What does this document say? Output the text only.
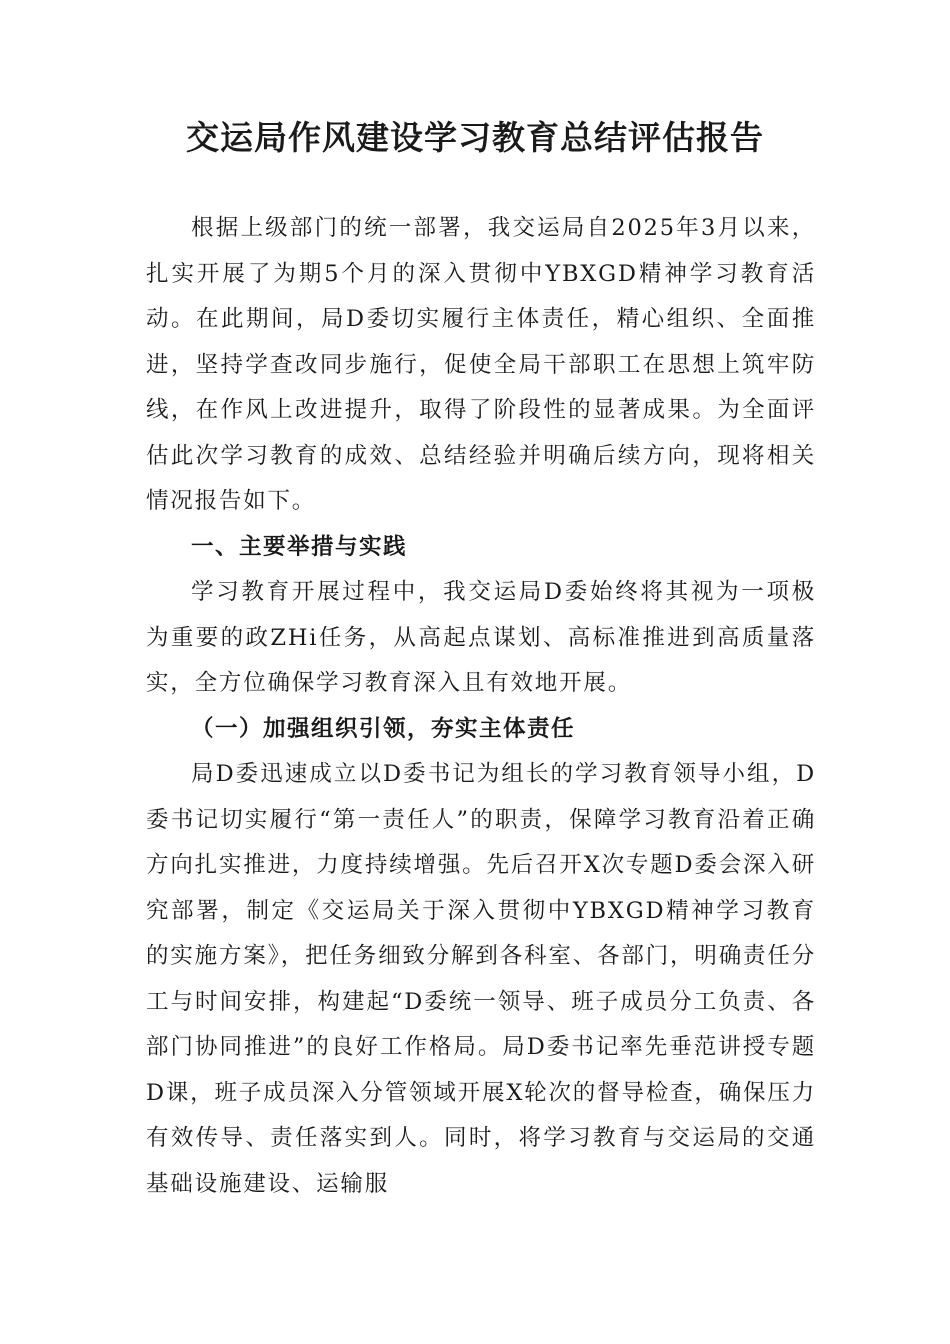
交运局作风建设学习教育总结评估报告

根据上级部门的统一部署，我交运局自2025年3月以来，扎实开展了为期5个月的深入贯彻中YBXGD精神学习教育活动。在此期间，局D委切实履行主体责任，精心组织、全面推进，坚持学查改同步施行，促使全局干部职工在思想上筑牢防线，在作风上改进提升，取得了阶段性的显著成果。为全面评估此次学习教育的成效、总结经验并明确后续方向，现将相关情况报告如下。

一、主要举措与实践

学习教育开展过程中，我交运局D委始终将其视为一项极为重要的政ZHi任务，从高起点谋划、高标准推进到高质量落实，全方位确保学习教育深入且有效地开展。

（一）加强组织引领，夯实主体责任

局D委迅速成立以D委书记为组长的学习教育领导小组，D委书记切实履行“第一责任人”的职责，保障学习教育沿着正确方向扎实推进，力度持续增强。先后召开X次专题D委会深入研究部署，制定《交运局关于深入贯彻中YBXGD精神学习教育的实施方案》，把任务细致分解到各科室、各部门，明确责任分工与时间安排，构建起“D委统一领导、班子成员分工负责、各部门协同推进”的良好工作格局。局D委书记率先垂范讲授专题D课，班子成员深入分管领域开展X轮次的督导检查，确保压力有效传导、责任落实到人。同时，将学习教育与交运局的交通基础设施建设、运输服
